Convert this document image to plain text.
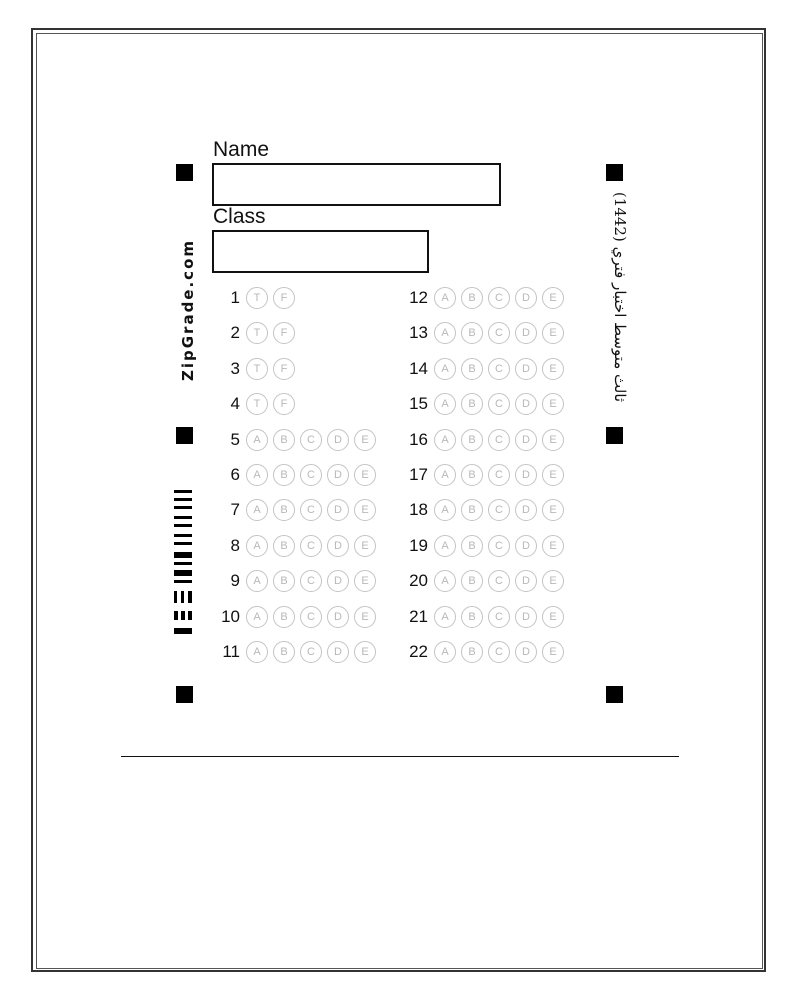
Name
Class
ZipGrade.com
ثالث متوسط اختبار فتري (1442)
1	T	F
2	T	F
3	T	F
4	T	F
5	A	B	C	D	E
6	A	B	C	D	E
7	A	B	C	D	E
8	A	B	C	D	E
9	A	B	C	D	E
10	A	B	C	D	E
11	A	B	C	D	E
12	A	B	C	D	E
13	A	B	C	D	E
14	A	B	C	D	E
15	A	B	C	D	E
16	A	B	C	D	E
17	A	B	C	D	E
18	A	B	C	D	E
19	A	B	C	D	E
20	A	B	C	D	E
21	A	B	C	D	E
22	A	B	C	D	E
